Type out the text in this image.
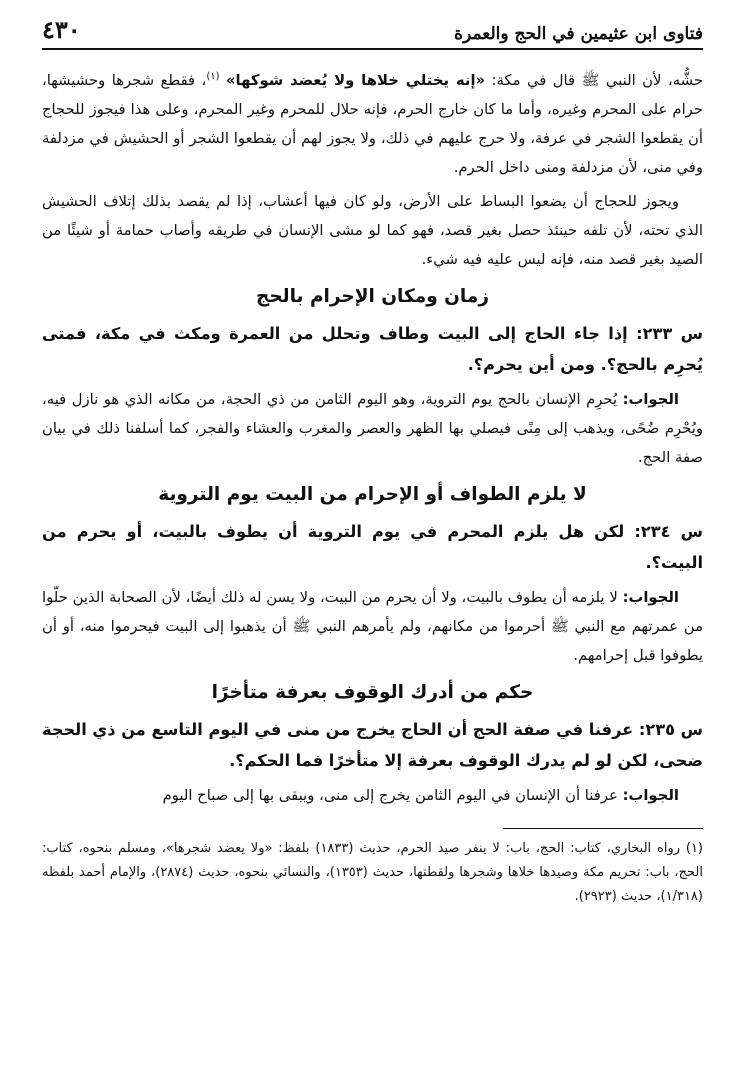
فتاوى ابن عثيمين في الحج والعمرة
٤٣٠

حشُّه، لأن النبي ﷺ قال في مكة: «إنه يختلي خلاها ولا يُعضد شوكها» $^{(١)}$، فقطع شجرها وحشيشها، حرام على المحرم وغيره، وأما ما كان خارج الحرم، فإنه حلال للمحرم وغير المحرم، وعلى هذا فيجوز للحجاج أن يقطعوا الشجر في عرفة، ولا حرج عليهم في ذلك، ولا يجوز لهم أن يقطعوا الشجر أو الحشيش في مزدلفة وفي منى، لأن مزدلفة ومنى داخل الحرم.

ويجوز للحجاج أن يضعوا البساط على الأرض، ولو كان فيها أعشاب، إذا لم يقصد بذلك إتلاف الحشيش الذي تحته، لأن تلفه حينئذ حصل بغير قصد، فهو كما لو مشى الإنسان في طريقه وأصاب حمامة أو شيئًا من الصيد بغير قصد منه، فإنه ليس عليه فيه شيء.

زمان ومكان الإحرام بالحج

س ٢٣٣: إذا جاء الحاج إلى البيت وطاف وتحلل من العمرة ومكث في مكة، فمتى يُحرِم بالحج؟. ومن أين يحرم؟.

الجواب: يُحرِم الإنسان بالحج يوم التروية، وهو اليوم الثامن من ذي الحجة، من مكانه الذي هو نازل فيه، ويُحْرِم ضُحًى، ويذهب إلى مِنًى فيصلي بها الظهر والعصر والمغرب والعشاء والفجر، كما أسلفنا ذلك في بيان صفة الحج.

لا يلزم الطواف أو الإحرام من البيت يوم التروية

س ٢٣٤: لكن هل يلزم المحرم في يوم التروية أن يطوف بالبيت، أو يحرم من البيت؟.

الجواب: لا يلزمه أن يطوف بالبيت، ولا أن يحرم من البيت، ولا يسن له ذلك أيضًا، لأن الصحابة الذين حلّوا من عمرتهم مع النبي ﷺ أحرموا من مكانهم، ولم يأمرهم النبي ﷺ أن يذهبوا إلى البيت فيحرموا منه، أو أن يطوفوا قبل إحرامهم.

حكم من أدرك الوقوف بعرفة متأخرًا

س ٢٣٥: عرفنا في صفة الحج أن الحاج يخرج من منى في اليوم التاسع من ذي الحجة ضحى، لكن لو لم يدرك الوقوف بعرفة إلا متأخرًا فما الحكم؟.

الجواب: عرفنا أن الإنسان في اليوم الثامن يخرج إلى منى، ويبقى بها إلى صباح اليوم

(١) رواه البخاري، كتاب: الحج، باب: لا ينفر صيد الحرم، حديث (١٨٣٣) بلفظ: «ولا يعضد شجرها»، ومسلم بنحوه، كتاب: الحج، باب: تحريم مكة وصيدها خلاها وشجرها ولقطتها، حديث (١٣٥٣)، والنسائي بنحوه، حديث (٢٨٧٤)، والإمام أحمد بلفظه (١/٣١٨)، حديث (٢٩٢٣).
